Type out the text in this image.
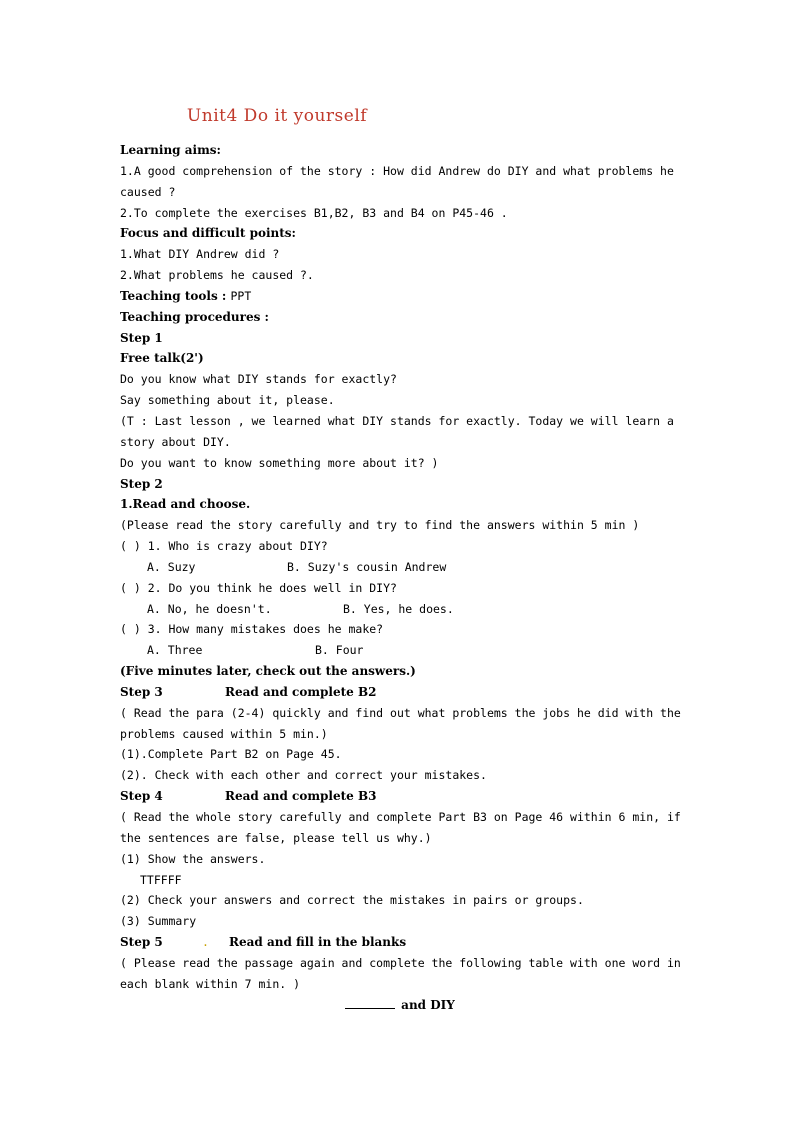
Unit4 Do it yourself
Learning aims:
1.A good comprehension of the story : How did Andrew do DIY and what problems he
caused ?
2.To complete the exercises B1,B2, B3 and B4 on P45-46 .
Focus and difficult points:
1.What DIY Andrew did ?
2.What problems he caused ?.
Teaching tools : PPT
Teaching procedures :
Step 1
Free talk(2')
Do you know what DIY stands for exactly?
Say something about it, please.
(T : Last lesson , we learned what DIY stands for exactly. Today we will learn a
story about DIY.
Do you want to know something more about it? )
Step 2
1.Read and choose.
(Please read the story carefully and try to find the answers within 5 min )
( ) 1. Who is crazy about DIY?
A. Suzy	B. Suzy's cousin Andrew
( ) 2. Do you think he does well in DIY?
A. No, he doesn't.	B. Yes, he does.
( ) 3. How many mistakes does he make?
A. Three	B. Four
(Five minutes later, check out the answers.)
Step 3	Read and complete B2
( Read the para (2-4) quickly and find out what problems the jobs he did with the
problems caused within 5 min.)
(1).Complete Part B2 on Page 45.
(2). Check with each other and correct your mistakes.
Step 4	Read and complete B3
( Read the whole story carefully and complete Part B3 on Page 46 within 6 min, if
the sentences are false, please tell us why.)
(1) Show the answers.
TTFFFF
(2) Check your answers and correct the mistakes in pairs or groups.
(3) Summary
Step 5	. Read and fill in the blanks
( Please read the passage again and complete the following table with one word in
each blank within 7 min. )
and DIY
